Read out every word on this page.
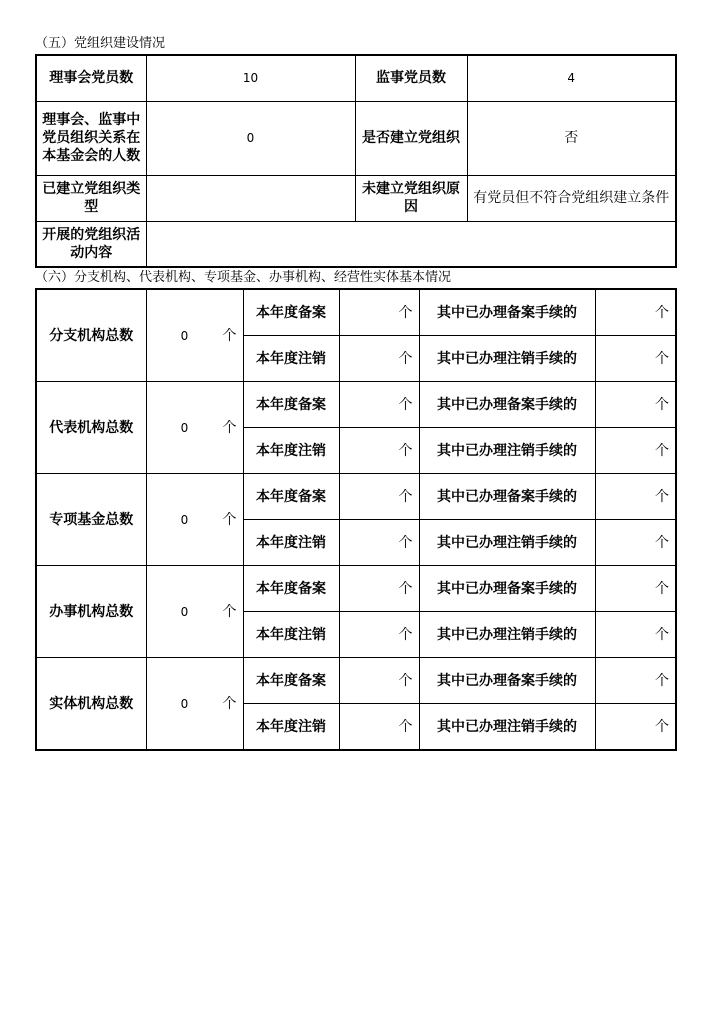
（五）党组织建设情况
理事会党员数	10	监事党员数	4
理事会、监事中党员组织关系在本基金会的人数	0	是否建立党组织	否
已建立党组织类型		未建立党组织原因	有党员但不符合党组织建立条件
开展的党组织活动内容			
（六）分支机构、代表机构、专项基金、办事机构、经营性实体基本情况
分支机构总数	0 个	本年度备案	个	其中已办理备案手续的	个
		本年度注销	个	其中已办理注销手续的	个
代表机构总数	0 个	本年度备案	个	其中已办理备案手续的	个
		本年度注销	个	其中已办理注销手续的	个
专项基金总数	0 个	本年度备案	个	其中已办理备案手续的	个
		本年度注销	个	其中已办理注销手续的	个
办事机构总数	0 个	本年度备案	个	其中已办理备案手续的	个
		本年度注销	个	其中已办理注销手续的	个
实体机构总数	0 个	本年度备案	个	其中已办理备案手续的	个
		本年度注销	个	其中已办理注销手续的	个
